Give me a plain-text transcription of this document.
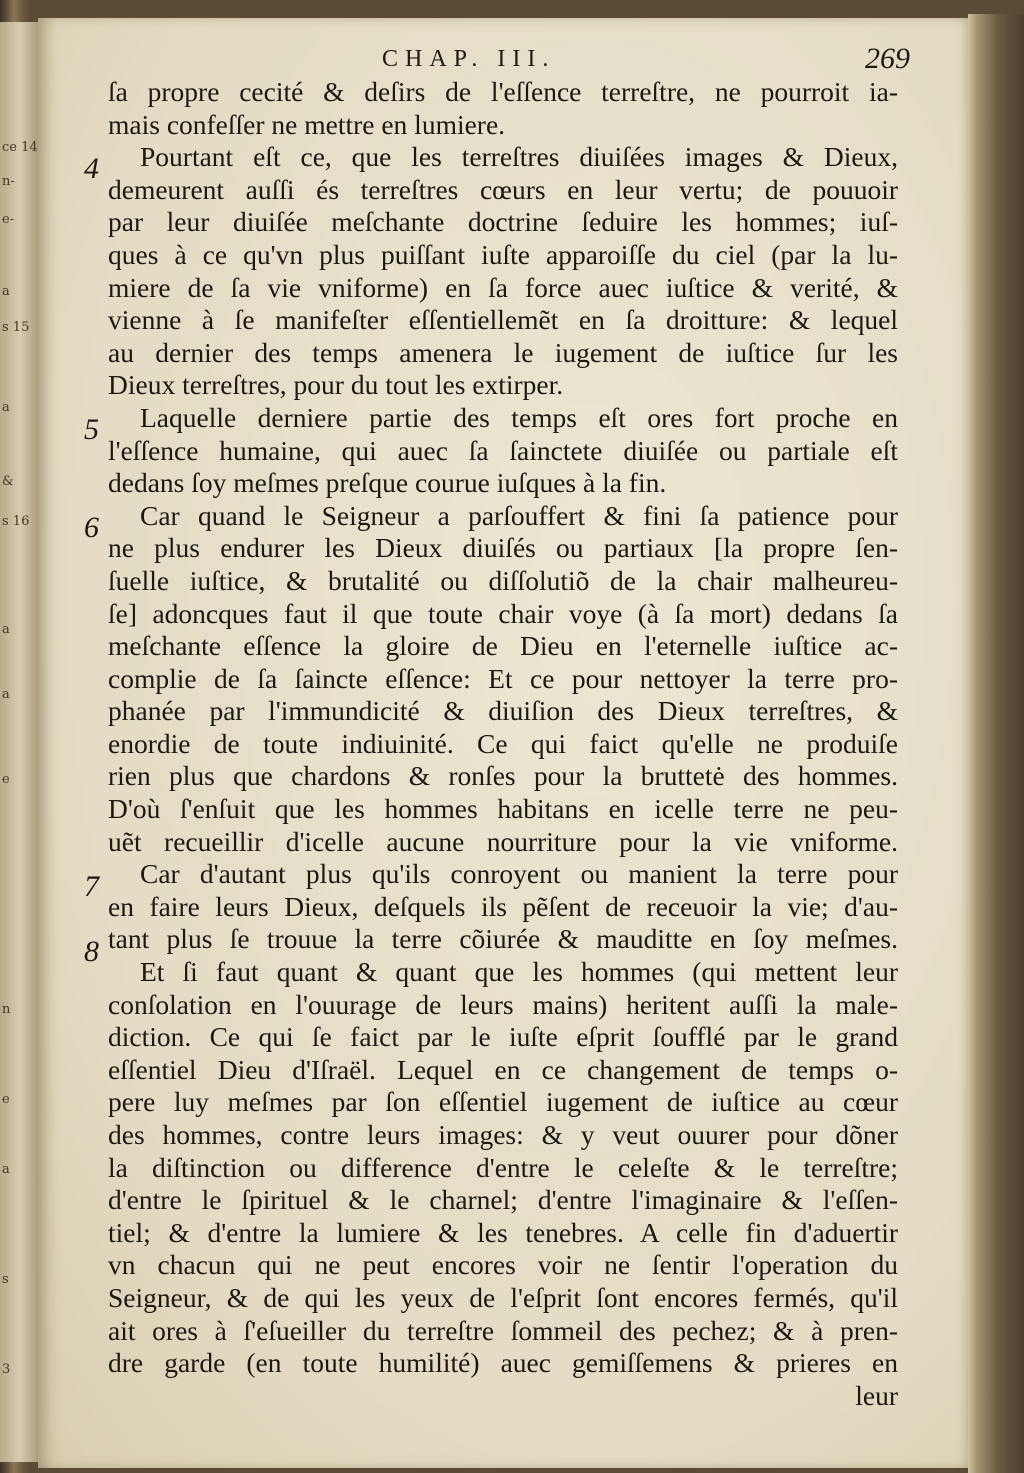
ce 14
n-
e-
a
s 15
a
&
s 16
a
a
e
n
e
a
s
3
CHAP. III.	269
4
5
6
7
8
ſa propre cecité & deſirs de l'eſſence terreſtre, ne pourroit ia-
mais confeſſer ne mettre en lumiere.
Pourtant eſt ce, que les terreſtres diuiſées images & Dieux,
demeurent auſſi és terreſtres cœurs en leur vertu; de pouuoir
par leur diuiſée meſchante doctrine ſeduire les hommes; iuſ-
ques à ce qu'vn plus puiſſant iuſte apparoiſſe du ciel (par la lu-
miere de ſa vie vniforme) en ſa force auec iuſtice & verité, &
vienne à ſe manifeſter eſſentiellemẽt en ſa droitture: & lequel
au dernier des temps amenera le iugement de iuſtice ſur les
Dieux terreſtres, pour du tout les extirper.
Laquelle derniere partie des temps eſt ores fort proche en
l'eſſence humaine, qui auec ſa ſainctete diuiſée ou partiale eſt
dedans ſoy meſmes preſque courue iuſques à la fin.
Car quand le Seigneur a parſouffert & fini ſa patience pour
ne plus endurer les Dieux diuiſés ou partiaux [la propre ſen-
ſuelle iuſtice, & brutalité ou diſſolutiõ de la chair malheureu-
ſe] adoncques faut il que toute chair voye (à ſa mort) dedans ſa
meſchante eſſence la gloire de Dieu en l'eternelle iuſtice ac-
complie de ſa ſaincte eſſence: Et ce pour nettoyer la terre pro-
phanée par l'immundicité & diuiſion des Dieux terreſtres, &
enordie de toute indiuinité. Ce qui faict qu'elle ne produiſe
rien plus que chardons & ronſes pour la bruttetė des hommes.
D'où ſ'enſuit que les hommes habitans en icelle terre ne peu-
uẽt recueillir d'icelle aucune nourriture pour la vie vniforme.
Car d'autant plus qu'ils conroyent ou manient la terre pour
en faire leurs Dieux, deſquels ils pẽſent de receuoir la vie; d'au-
tant plus ſe trouue la terre cõiurée & mauditte en ſoy meſmes.
Et ſi faut quant & quant que les hommes (qui mettent leur
conſolation en l'ouurage de leurs mains) heritent auſſi la male-
diction. Ce qui ſe faict par le iuſte eſprit ſoufflé par le grand
eſſentiel Dieu d'Iſraël. Lequel en ce changement de temps o-
pere luy meſmes par ſon eſſentiel iugement de iuſtice au cœur
des hommes, contre leurs images: & y veut ouurer pour dõner
la diſtinction ou difference d'entre le celeſte & le terreſtre;
d'entre le ſpirituel & le charnel; d'entre l'imaginaire & l'eſſen-
tiel; & d'entre la lumiere & les tenebres. A celle fin d'aduertir
vn chacun qui ne peut encores voir ne ſentir l'operation du
Seigneur, & de qui les yeux de l'eſprit ſont encores fermés, qu'il
ait ores à ſ'eſueiller du terreſtre ſommeil des pechez; & à pren-
dre garde (en toute humilité) auec gemiſſemens & prieres en
leur
